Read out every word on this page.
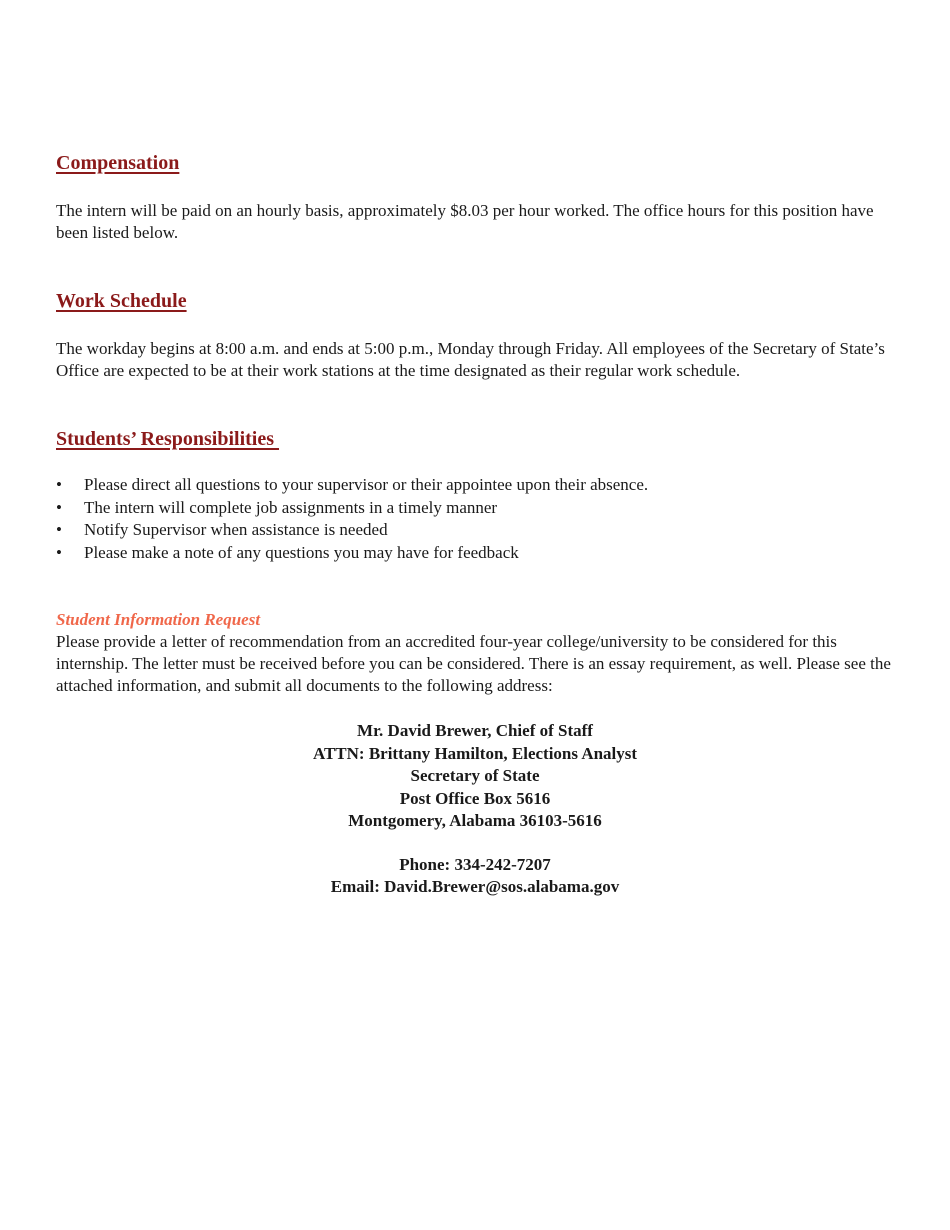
Compensation

The intern will be paid on an hourly basis, approximately $8.03 per hour worked. The office hours for this position have been listed below.

Work Schedule

The workday begins at 8:00 a.m. and ends at 5:00 p.m., Monday through Friday. All employees of the Secretary of State’s Office are expected to be at their work stations at the time designated as their regular work schedule.

Students’ Responsibilities
• Please direct all questions to your supervisor or their appointee upon their absence.
• The intern will complete job assignments in a timely manner
• Notify Supervisor when assistance is needed
• Please make a note of any questions you may have for feedback

Student Information Request

Please provide a letter of recommendation from an accredited four-year college/university to be considered for this internship. The letter must be received before you can be considered. There is an essay requirement, as well. Please see the attached information, and submit all documents to the following address:

Mr. David Brewer, Chief of Staff
ATTN: Brittany Hamilton, Elections Analyst
Secretary of State
Post Office Box 5616
Montgomery, Alabama 36103-5616
Phone: 334-242-7207
Email: David.Brewer@sos.alabama.gov
